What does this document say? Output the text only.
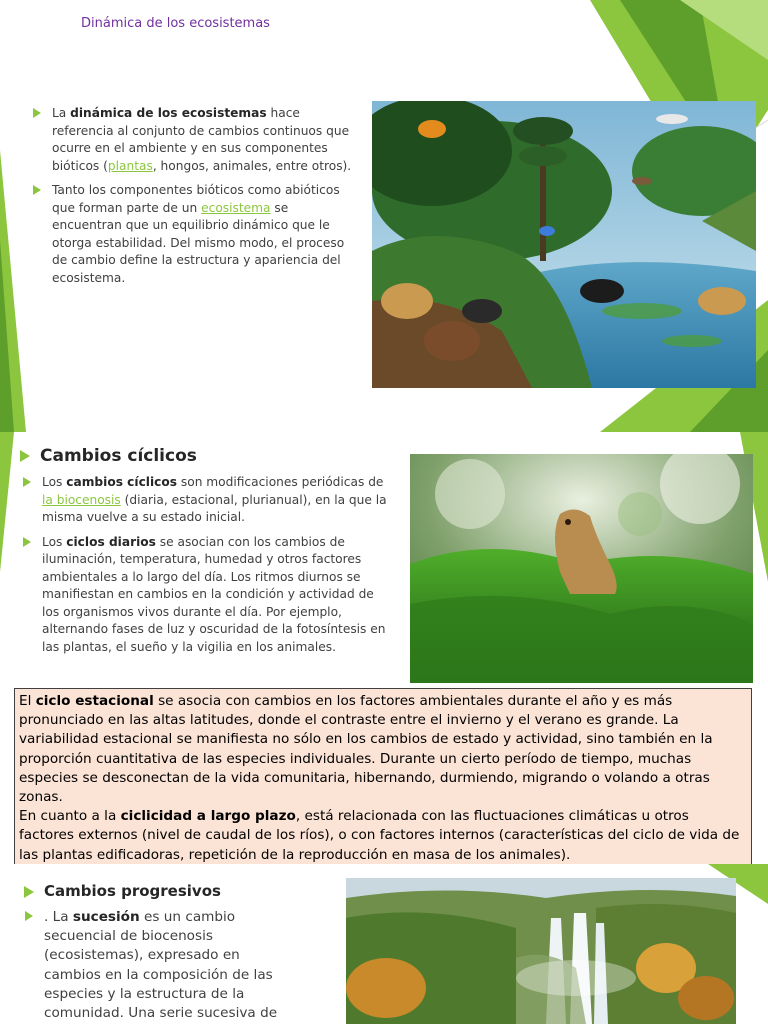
Dinámica de los ecosistemas
La dinámica de los ecosistemas hace referencia al conjunto de cambios continuos que ocurre en el ambiente y en sus componentes bióticos (plantas, hongos, animales, entre otros).
Tanto los componentes bióticos como abióticos que forman parte de un ecosistema se encuentran que un equilibrio dinámico que le otorga estabilidad. Del mismo modo, el proceso de cambio define la estructura y apariencia del ecosistema.
Cambios cíclicos
Los cambios cíclicos son modificaciones periódicas de la biocenosis (diaria, estacional, plurianual), en la que la misma vuelve a su estado inicial.
Los ciclos diarios se asocian con los cambios de iluminación, temperatura, humedad y otros factores ambientales a lo largo del día. Los ritmos diurnos se manifiestan en cambios en la condición y actividad de los organismos vivos durante el día. Por ejemplo, alternando fases de luz y oscuridad de la fotosíntesis en las plantas, el sueño y la vigilia en los animales.
El ciclo estacional se asocia con cambios en los factores ambientales durante el año y es más pronunciado en las altas latitudes, donde el contraste entre el invierno y el verano es grande. La variabilidad estacional se manifiesta no sólo en los cambios de estado y actividad, sino también en la proporción cuantitativa de las especies individuales. Durante un cierto período de tiempo, muchas especies se desconectan de la vida comunitaria, hibernando, durmiendo, migrando o volando a otras zonas.
En cuanto a la ciclicidad a largo plazo, está relacionada con las fluctuaciones climáticas u otros factores externos (nivel de caudal de los ríos), o con factores internos (características del ciclo de vida de las plantas edificadoras, repetición de la reproducción en masa de los animales).
Cambios progresivos
. La sucesión es un cambio secuencial de biocenosis (ecosistemas), expresado en cambios en la composición de las especies y la estructura de la comunidad. Una serie sucesiva de
